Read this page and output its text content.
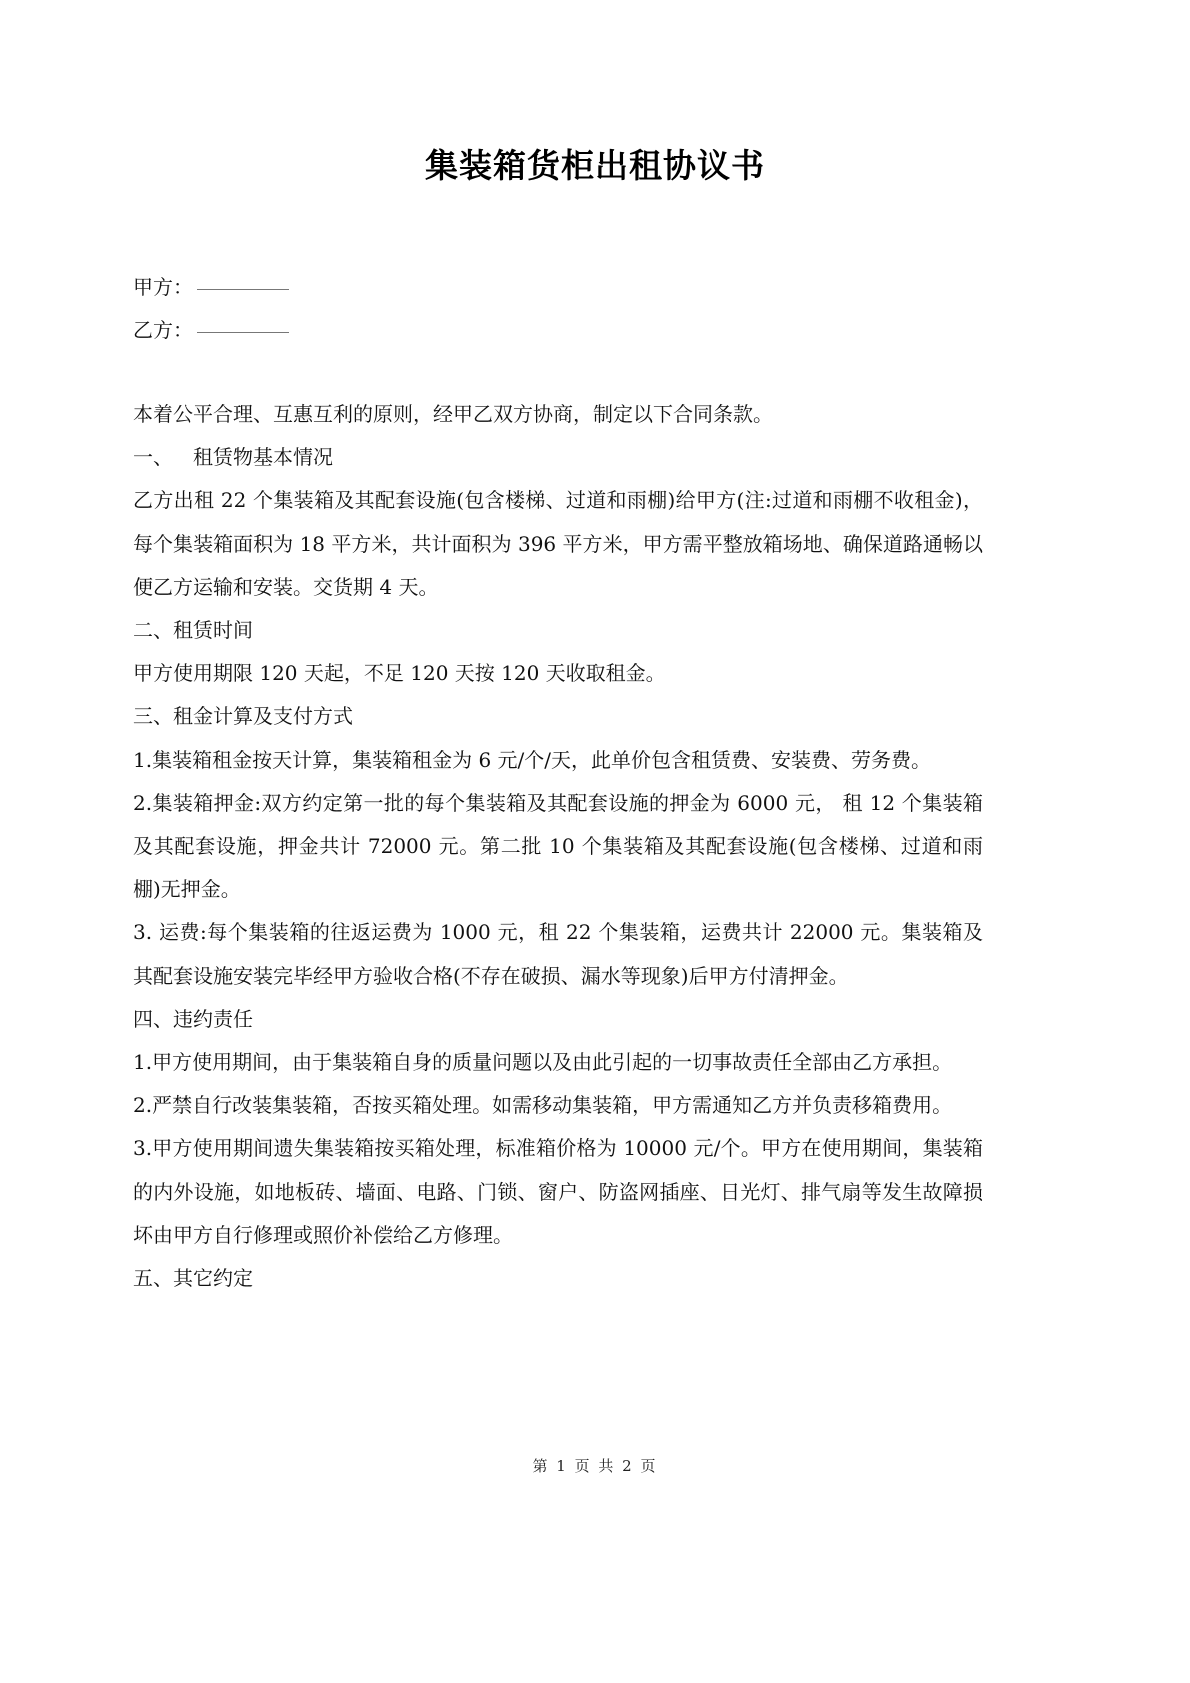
集装箱货柜出租协议书
甲方：
乙方：

本着公平合理、互惠互利的原则，经甲乙双方协商，制定以下合同条款。

一、 租赁物基本情况

乙方出租 22 个集装箱及其配套设施(包含楼梯、过道和雨棚)给甲方(注:过道和雨棚不收租金)，每个集装箱面积为 18 平方米，共计面积为 396 平方米，甲方需平整放箱场地、确保道路通畅以便乙方运输和安装。交货期 4 天。

二、租赁时间

甲方使用期限 120 天起，不足 120 天按 120 天收取租金。

三、租金计算及支付方式

1.集装箱租金按天计算，集装箱租金为 6 元/个/天，此单价包含租赁费、安装费、劳务费。

2.集装箱押金:双方约定第一批的每个集装箱及其配套设施的押金为 6000 元， 租 12 个集装箱及其配套设施，押金共计 72000 元。第二批 10 个集装箱及其配套设施(包含楼梯、过道和雨棚)无押金。

3. 运费:每个集装箱的往返运费为 1000 元，租 22 个集装箱，运费共计 22000 元。集装箱及其配套设施安装完毕经甲方验收合格(不存在破损、漏水等现象)后甲方付清押金。

四、违约责任

1.甲方使用期间，由于集装箱自身的质量问题以及由此引起的一切事故责任全部由乙方承担。

2.严禁自行改装集装箱，否按买箱处理。如需移动集装箱，甲方需通知乙方并负责移箱费用。

3.甲方使用期间遗失集装箱按买箱处理，标准箱价格为 10000 元/个。甲方在使用期间，集装箱的内外设施，如地板砖、墙面、电路、门锁、窗户、防盗网插座、日光灯、排气扇等发生故障损坏由甲方自行修理或照价补偿给乙方修理。

五、其它约定

第 1 页 共 2 页
